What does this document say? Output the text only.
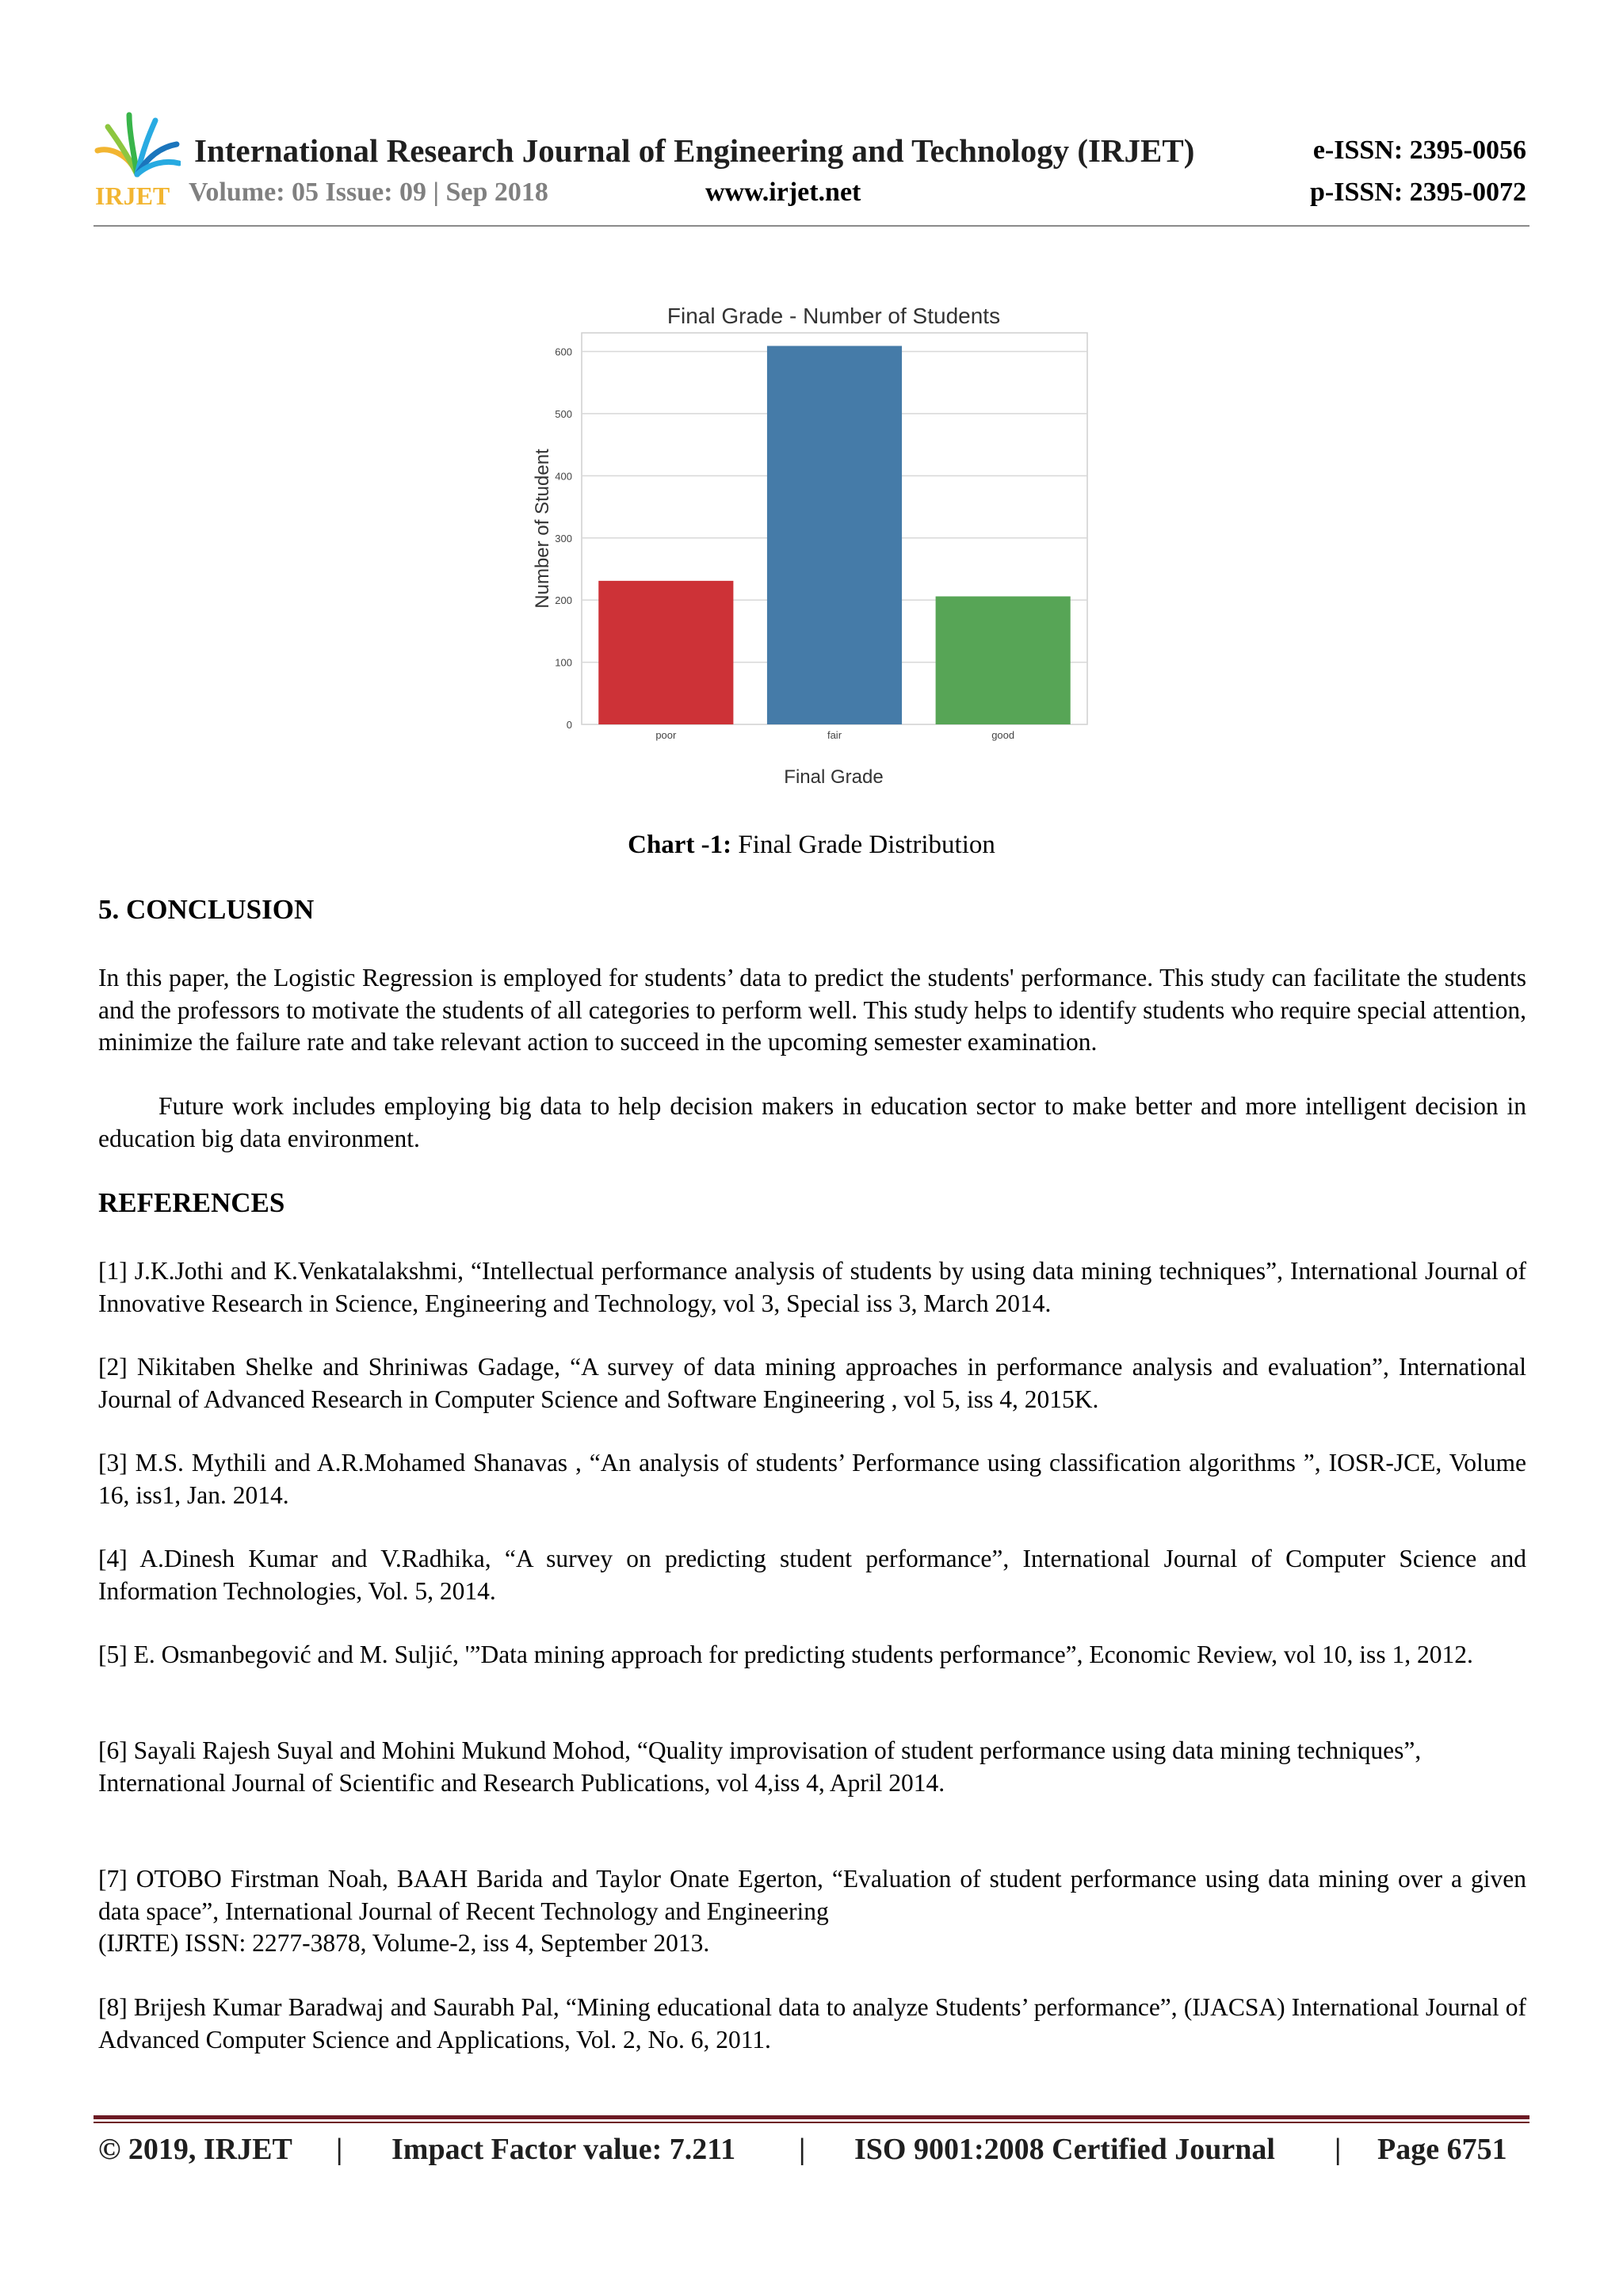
IRJET
International Research Journal of Engineering and Technology (IRJET)	e-ISSN: 2395-0056
Volume: 05 Issue: 09 | Sep 2018	www.irjet.net	p-ISSN: 2395-0072
Final Grade - Number of Students
0
100
200
300
400
500
600
poor	fair	good
Final Grade
Number of Student
Chart -1: Final Grade Distribution
5. CONCLUSION
In this paper, the Logistic Regression is employed for students’ data to predict the students' performance. This study can facilitate the students and the professors to motivate the students of all categories to perform well. This study helps to identify students who require special attention, minimize the failure rate and take relevant action to succeed in the upcoming semester examination.
Future work includes employing big data to help decision makers in education sector to make better and more intelligent decision in education big data environment.
REFERENCES
[1] J.K.Jothi and K.Venkatalakshmi, “Intellectual performance analysis of students by using data mining techniques”, International Journal of Innovative Research in Science, Engineering and Technology, vol 3, Special iss 3, March 2014.
[2] Nikitaben Shelke and Shriniwas Gadage, “A survey of data mining approaches in performance analysis and evaluation”, International Journal of Advanced Research in Computer Science and Software Engineering , vol 5, iss 4, 2015K.
[3] M.S. Mythili and A.R.Mohamed Shanavas , “An analysis of students’ Performance using classification algorithms ”, IOSR-JCE, Volume 16, iss1, Jan. 2014.
[4] A.Dinesh Kumar and V.Radhika, “A survey on predicting student performance”, International Journal of Computer Science and Information Technologies, Vol. 5, 2014.
[5] E. Osmanbegović and M. Suljić, '”Data mining approach for predicting students performance”, Economic Review, vol 10, iss 1, 2012.
[6] Sayali Rajesh Suyal and Mohini Mukund Mohod, “Quality improvisation of student performance using data mining techniques”,
International Journal of Scientific and Research Publications, vol 4,iss 4, April 2014.
[7] OTOBO Firstman Noah, BAAH Barida and Taylor Onate Egerton, “Evaluation of student performance using data mining over a given data space”, International Journal of Recent Technology and Engineering
(IJRTE) ISSN: 2277-3878, Volume-2, iss 4, September 2013.
[8] Brijesh Kumar Baradwaj and Saurabh Pal, “Mining educational data to analyze Students’ performance”, (IJACSA) International Journal of Advanced Computer Science and Applications, Vol. 2, No. 6, 2011.
© 2019, IRJET | Impact Factor value: 7.211 | ISO 9001:2008 Certified Journal | Page 6751
